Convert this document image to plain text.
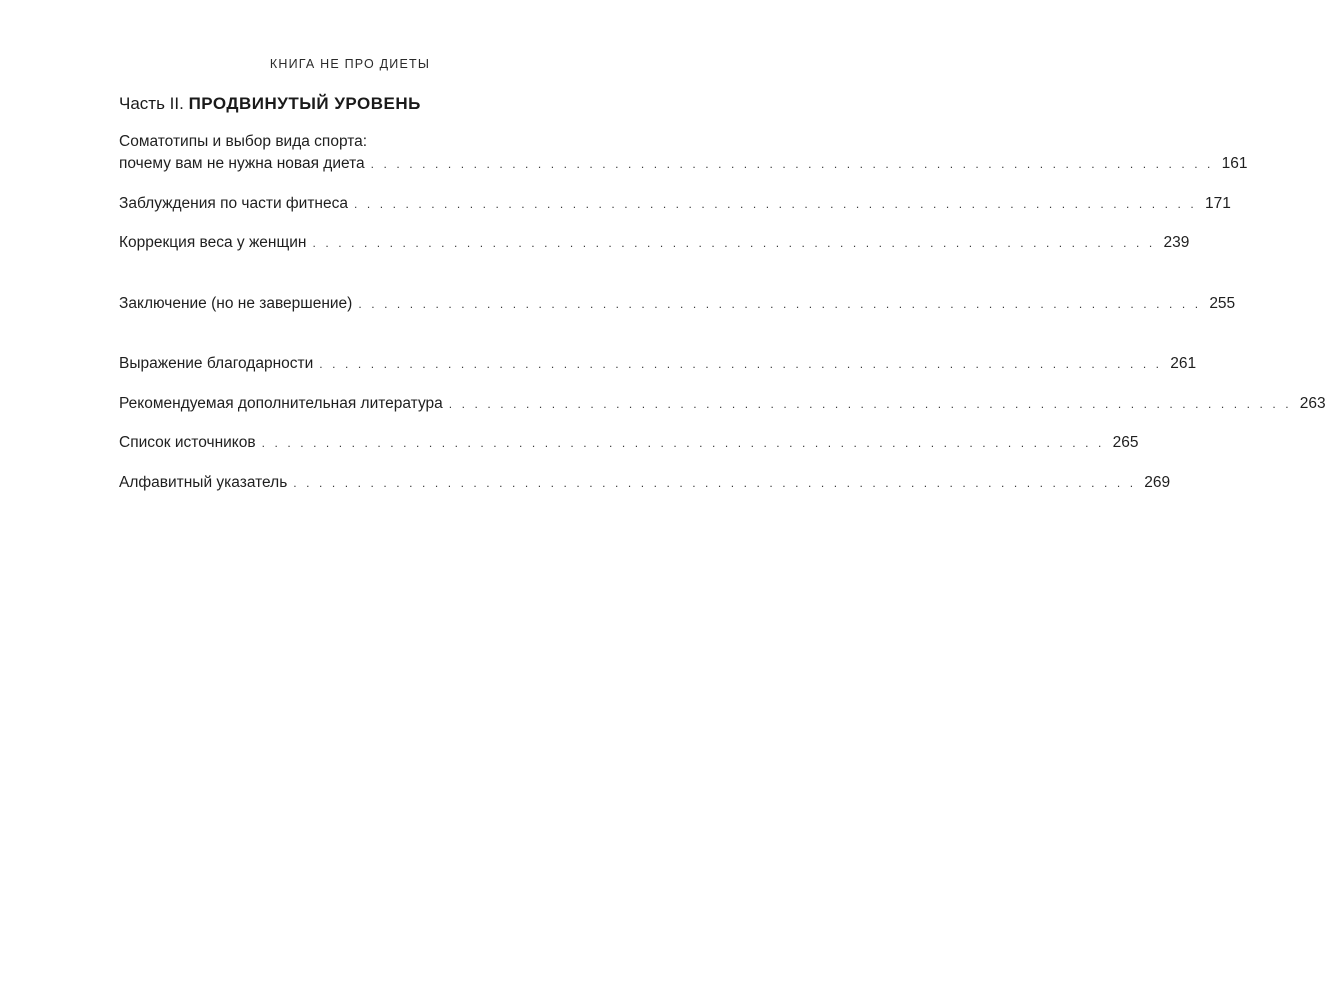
КНИГА НЕ ПРО ДИЕТЫ
Часть II. ПРОДВИНУТЫЙ УРОВЕНЬ
Соматотипы и выбор вида спорта:
почему вам не нужна новая диета . . . . . . . . . . . . . . . . . . . . . . . . . . . . . . . . . . . . . . . . . . . . . . . . . . . . . . . . . . . . . . . . . . 161
Заблуждения по части фитнеса . . . . . . . . . . . . . . . . . . . . . . . . . . . . . . . . . . . . . . . . . . . . . . . . . . . . . . . . . . . . . . . . . . 171
Коррекция веса у женщин . . . . . . . . . . . . . . . . . . . . . . . . . . . . . . . . . . . . . . . . . . . . . . . . . . . . . . . . . . . . . . . . . . 239
Заключение (но не завершение) . . . . . . . . . . . . . . . . . . . . . . . . . . . . . . . . . . . . . . . . . . . . . . . . . . . . . . . . . . . . . . . . . . 255
Выражение благодарности . . . . . . . . . . . . . . . . . . . . . . . . . . . . . . . . . . . . . . . . . . . . . . . . . . . . . . . . . . . . . . . . . . 261
Рекомендуемая дополнительная литература . . . . . . . . . . . . . . . . . . . . . . . . . . . . . . . . . . . . . . . . . . . . . . . . . . . . . . . . . . . . . . . . . . 263
Список источников . . . . . . . . . . . . . . . . . . . . . . . . . . . . . . . . . . . . . . . . . . . . . . . . . . . . . . . . . . . . . . . . . . 265
Алфавитный указатель . . . . . . . . . . . . . . . . . . . . . . . . . . . . . . . . . . . . . . . . . . . . . . . . . . . . . . . . . . . . . . . . . . 269
